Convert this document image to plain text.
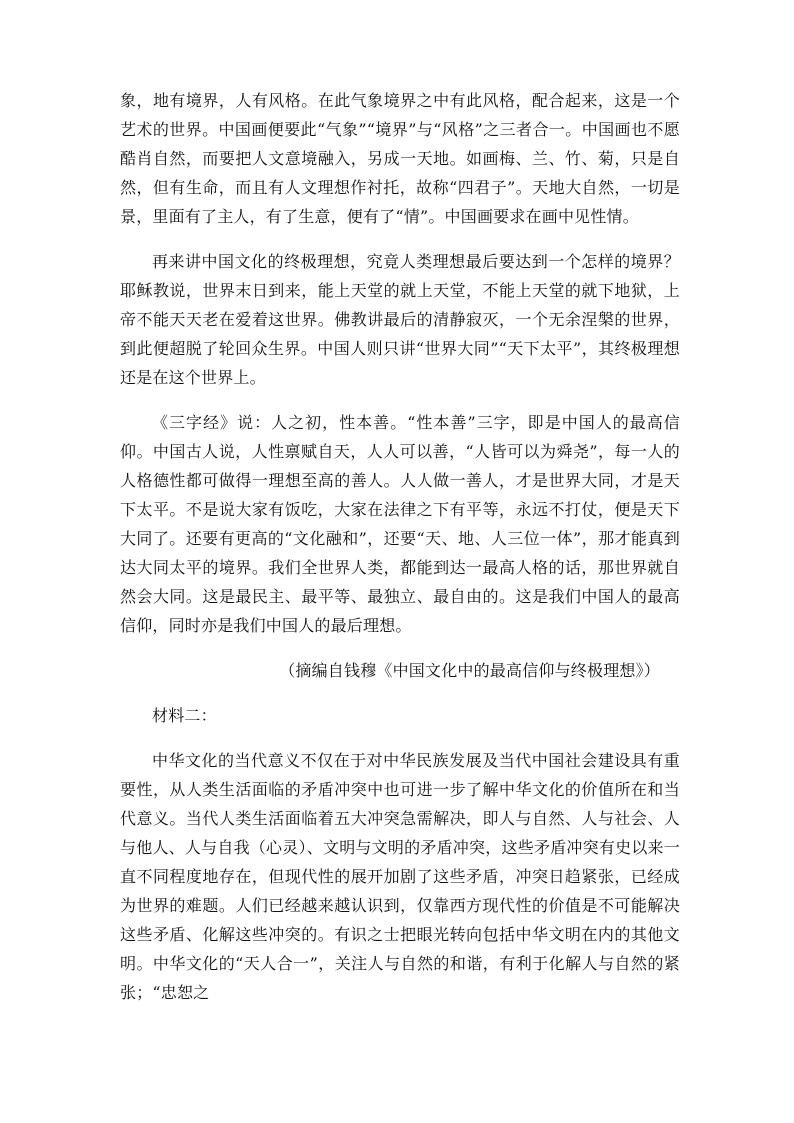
象，地有境界，人有风格。在此气象境界之中有此风格，配合起来，这是一个艺术的世界。中国画便要此“气象”“境界”与“风格”之三者合一。中国画也不愿酷肖自然，而要把人文意境融入，另成一天地。如画梅、兰、竹、菊，只是自然，但有生命，而且有人文理想作衬托，故称“四君子”。天地大自然，一切是景，里面有了主人，有了生意，便有了“情”。中国画要求在画中见性情。

再来讲中国文化的终极理想，究竟人类理想最后要达到一个怎样的境界？耶稣教说，世界末日到来，能上天堂的就上天堂，不能上天堂的就下地狱，上帝不能天天老在爱着这世界。佛教讲最后的清静寂灭，一个无余涅槃的世界，到此便超脱了轮回众生界。中国人则只讲“世界大同”“天下太平”，其终极理想还是在这个世界上。

《三字经》说：人之初，性本善。“性本善”三字，即是中国人的最高信仰。中国古人说，人性禀赋自天，人人可以善，“人皆可以为舜尧”，每一人的人格德性都可做得一理想至高的善人。人人做一善人，才是世界大同，才是天下太平。不是说大家有饭吃，大家在法律之下有平等，永远不打仗，便是天下大同了。还要有更高的“文化融和”，还要“天、地、人三位一体”，那才能真到达大同太平的境界。我们全世界人类，都能到达一最高人格的话，那世界就自然会大同。这是最民主、最平等、最独立、最自由的。这是我们中国人的最高信仰，同时亦是我们中国人的最后理想。

（摘编自钱穆《中国文化中的最高信仰与终极理想》）

材料二：

中华文化的当代意义不仅在于对中华民族发展及当代中国社会建设具有重要性，从人类生活面临的矛盾冲突中也可进一步了解中华文化的价值所在和当代意义。当代人类生活面临着五大冲突急需解决，即人与自然、人与社会、人与他人、人与自我（心灵）、文明与文明的矛盾冲突，这些矛盾冲突有史以来一直不同程度地存在，但现代性的展开加剧了这些矛盾，冲突日趋紧张，已经成为世界的难题。人们已经越来越认识到，仅靠西方现代性的价值是不可能解决这些矛盾、化解这些冲突的。有识之士把眼光转向包括中华文明在内的其他文明。中华文化的“天人合一”，关注人与自然的和谐，有利于化解人与自然的紧张；“忠恕之
